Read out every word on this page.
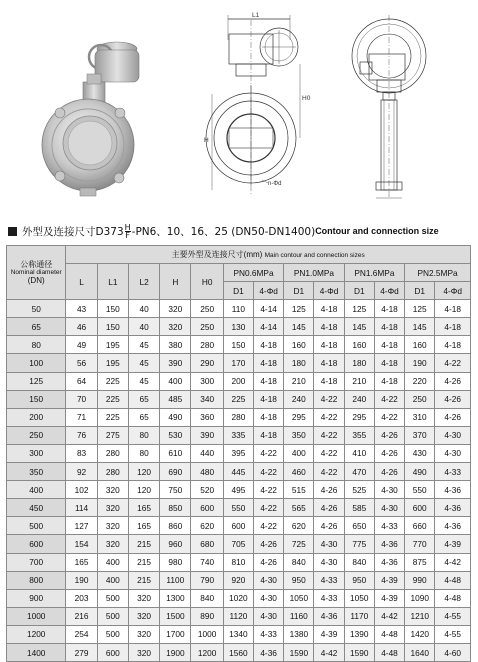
L1
H
H0
n-Φd
外型及连接尺寸$D373 \frac{H}{F} -PN6$、10、16、25 (DN50-DN1400) Contour and connection size
公称通径
Nominal diameter
(DN)	主要外型及连接尺寸(mm) Main contour and connection sizes												
	L	L1	L2	H	H0	PN0.6MPa		PN1.0MPa		PN1.6MPa		PN2.5MPa	
						D1	4-Φd	D1	4-Φd	D1	4-Φd	D1	4-Φd
50	43	150	40	320	250	110	4-14	125	4-18	125	4-18	125	4-18
65	46	150	40	320	250	130	4-14	145	4-18	145	4-18	145	4-18
80	49	195	45	380	280	150	4-18	160	4-18	160	4-18	160	4-18
100	56	195	45	390	290	170	4-18	180	4-18	180	4-18	190	4-22
125	64	225	45	400	300	200	4-18	210	4-18	210	4-18	220	4-26
150	70	225	65	485	340	225	4-18	240	4-22	240	4-22	250	4-26
200	71	225	65	490	360	280	4-18	295	4-22	295	4-22	310	4-26
250	76	275	80	530	390	335	4-18	350	4-22	355	4-26	370	4-30
300	83	280	80	610	440	395	4-22	400	4-22	410	4-26	430	4-30
350	92	280	120	690	480	445	4-22	460	4-22	470	4-26	490	4-33
400	102	320	120	750	520	495	4-22	515	4-26	525	4-30	550	4-36
450	114	320	165	850	600	550	4-22	565	4-26	585	4-30	600	4-36
500	127	320	165	860	620	600	4-22	620	4-26	650	4-33	660	4-36
600	154	320	215	960	680	705	4-26	725	4-30	775	4-36	770	4-39
700	165	400	215	980	740	810	4-26	840	4-30	840	4-36	875	4-42
800	190	400	215	1100	790	920	4-30	950	4-33	950	4-39	990	4-48
900	203	500	320	1300	840	1020	4-30	1050	4-33	1050	4-39	1090	4-48
1000	216	500	320	1500	890	1120	4-30	1160	4-36	1170	4-42	1210	4-55
1200	254	500	320	1700	1000	1340	4-33	1380	4-39	1390	4-48	1420	4-55
1400	279	600	320	1900	1200	1560	4-36	1590	4-42	1590	4-48	1640	4-60
